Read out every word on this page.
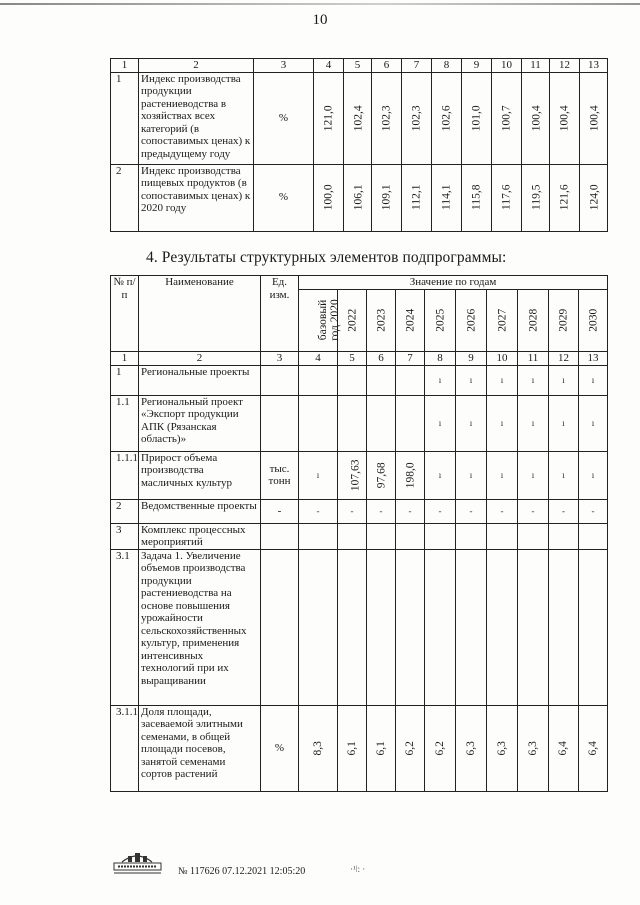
10
1	2	3	4	5	6	7	8	9	10	11	12	13
1	Индекс производства продукции растениеводства в хозяйствах всех категорий (в сопоставимых ценах) к предыдущему году	%	121,0	102,4	102,3	102,3	102,6	101,0	100,7	100,4	100,4	100,4
2	Индекс производства пищевых продуктов (в сопоставимых ценах) к 2020 году	%	100,0	106,1	109,1	112,1	114,1	115,8	117,6	119,5	121,6	124,0
4. Результаты структурных элементов подпрограммы:
№ п/п	Наименование	Ед. изм.	Значение по годам									
			базовый год 2020	2022	2023	2024	2025	2026	2027	2028	2029	2030
1	2	3	4	5	6	7	8	9	10	11	12	13
1	Региональные проекты						ı	ı	ı	ı	ı	ı
1.1	Региональный проект «Экспорт продукции АПК (Рязанская область)»						ı	ı	ı	ı	ı	ı
1.1.1	Прирост объема производства масличных культур	тыс. тонн	ı	107,63	97,68	198,0	ı	ı	ı	ı	ı	ı
2	Ведомственные проекты	-	-	-	-	-	-	-	-	-	-	-
3	Комплекс процессных мероприятий											
3.1	Задача 1. Увеличение объемов производства продукции растениеводства на основе повышения урожайности сельскохозяйственных культур, применения интенсивных технологий при их выращивании											
3.1.1	Доля площади, засеваемой элитными семенами, в общей площади посевов, занятой семенами сортов растений	%	8,3	6,1	6,1	6,2	6,2	6,3	6,3	6,3	6,4	6,4
№ 117626 07.12.2021 12:05:20	·¹ǀ: ·
